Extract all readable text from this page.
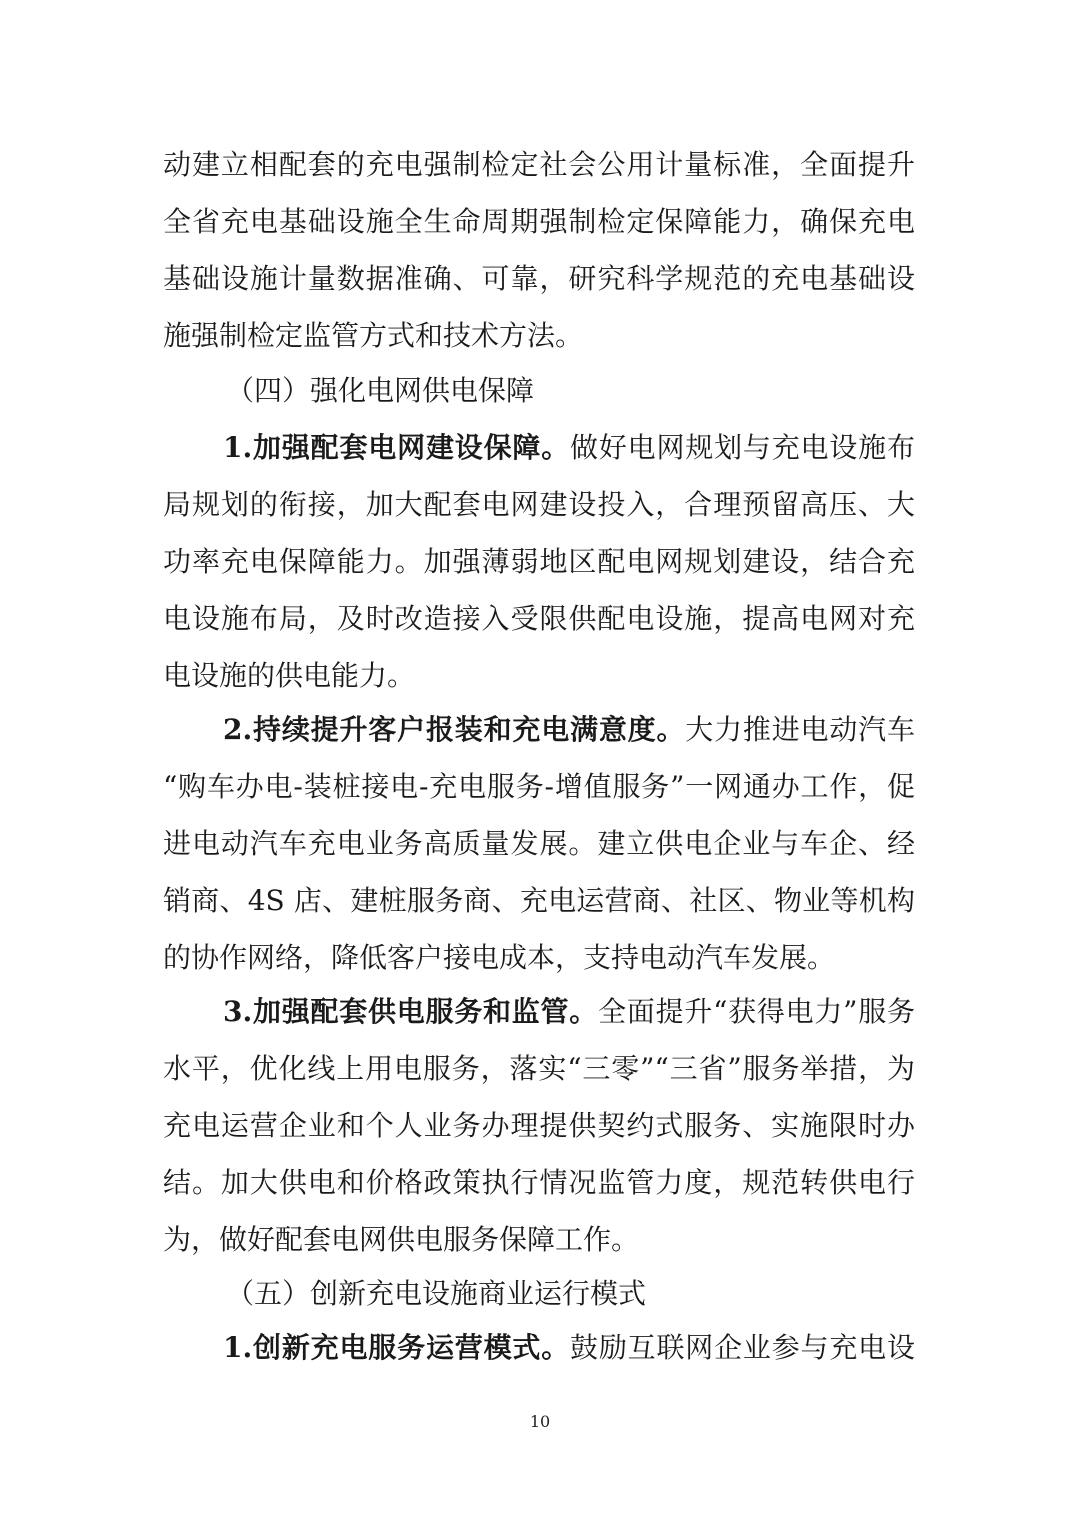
动建立相配套的充电强制检定社会公用计量标准，全面提升
全省充电基础设施全生命周期强制检定保障能力，确保充电
基础设施计量数据准确、可靠，研究科学规范的充电基础设
施强制检定监管方式和技术方法。
（四）强化电网供电保障
1.加强配套电网建设保障。做好电网规划与充电设施布
局规划的衔接，加大配套电网建设投入，合理预留高压、大
功率充电保障能力。加强薄弱地区配电网规划建设，结合充
电设施布局，及时改造接入受限供配电设施，提高电网对充
电设施的供电能力。
2.持续提升客户报装和充电满意度。大力推进电动汽车
“购车办电-装桩接电-充电服务-增值服务”一网通办工作，促
进电动汽车充电业务高质量发展。建立供电企业与车企、经
销商、4S 店、建桩服务商、充电运营商、社区、物业等机构
的协作网络，降低客户接电成本，支持电动汽车发展。
3.加强配套供电服务和监管。全面提升“获得电力”服务
水平，优化线上用电服务，落实“三零”“三省”服务举措，为
充电运营企业和个人业务办理提供契约式服务、实施限时办
结。加大供电和价格政策执行情况监管力度，规范转供电行
为，做好配套电网供电服务保障工作。
（五）创新充电设施商业运行模式
1.创新充电服务运营模式。鼓励互联网企业参与充电设
10
